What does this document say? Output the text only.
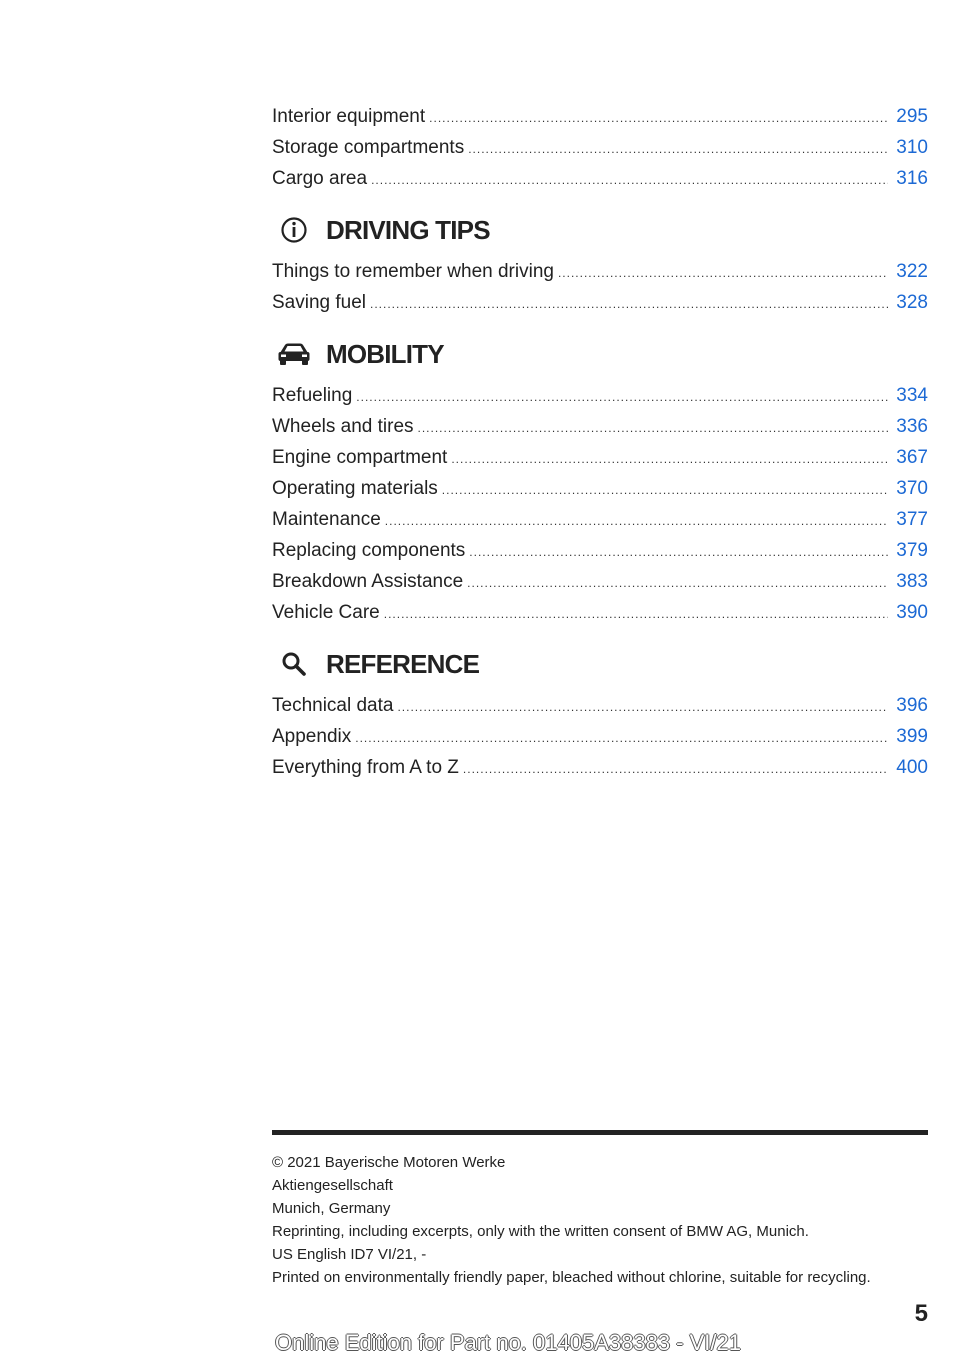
Interior equipment .....	295
Storage compartments .....	310
Cargo area .....	316
DRIVING TIPS
Things to remember when driving .....	322
Saving fuel .....	328
MOBILITY
Refueling .....	334
Wheels and tires .....	336
Engine compartment .....	367
Operating materials .....	370
Maintenance .....	377
Replacing components .....	379
Breakdown Assistance .....	383
Vehicle Care .....	390
REFERENCE
Technical data .....	396
Appendix .....	399
Everything from A to Z .....	400
© 2021 Bayerische Motoren Werke
Aktiengesellschaft
Munich, Germany
Reprinting, including excerpts, only with the written consent of BMW AG, Munich.
US English ID7 VI/21, -
Printed on environmentally friendly paper, bleached without chlorine, suitable for recycling.
5
Online Edition for Part no. 01405A38383 - VI/21
